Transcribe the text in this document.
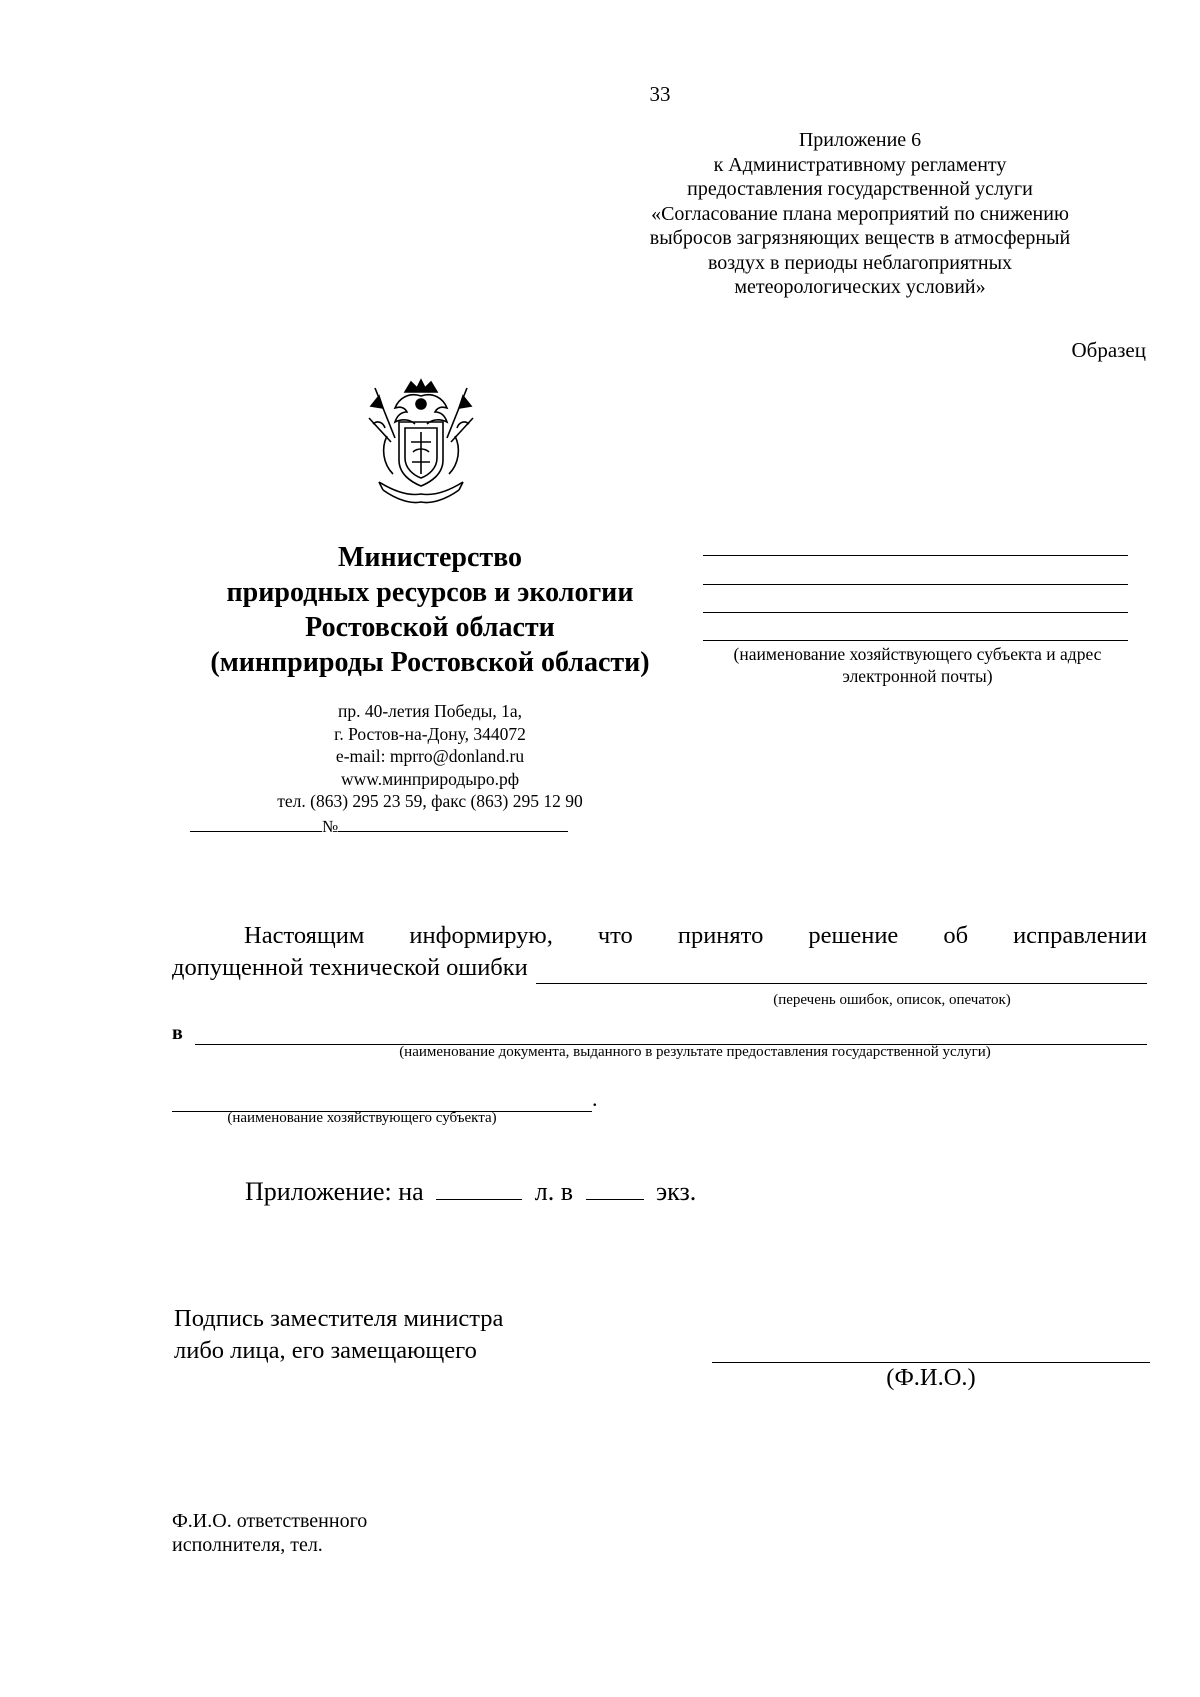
33
Приложение 6
к Административному регламенту
предоставления государственной услуги
«Согласование плана мероприятий по снижению
выбросов загрязняющих веществ в атмосферный
воздух в периоды неблагоприятных
метеорологических условий»
Образец
Министерство
природных ресурсов и экологии
Ростовской области
(минприроды Ростовской области)
пр. 40-летия Победы, 1а,
г. Ростов-на-Дону, 344072
e-mail: mprro@donland.ru
www.минприродыро.рф
тел. (863) 295 23 59, факс (863) 295 12 90
№
(наименование хозяйствующего субъекта и адрес
электронной почты)
Настоящим информирую, что принято решение об исправлении
допущенной технической ошибки
(перечень ошибок, описок, опечаток)
в
(наименование документа, выданного в результате предоставления государственной услуги)
.
(наименование хозяйствующего субъекта)
Приложение: на	л. в	экз.
Подпись заместителя министра
либо лица, его замещающего
(Ф.И.О.)
Ф.И.О. ответственного
исполнителя, тел.
